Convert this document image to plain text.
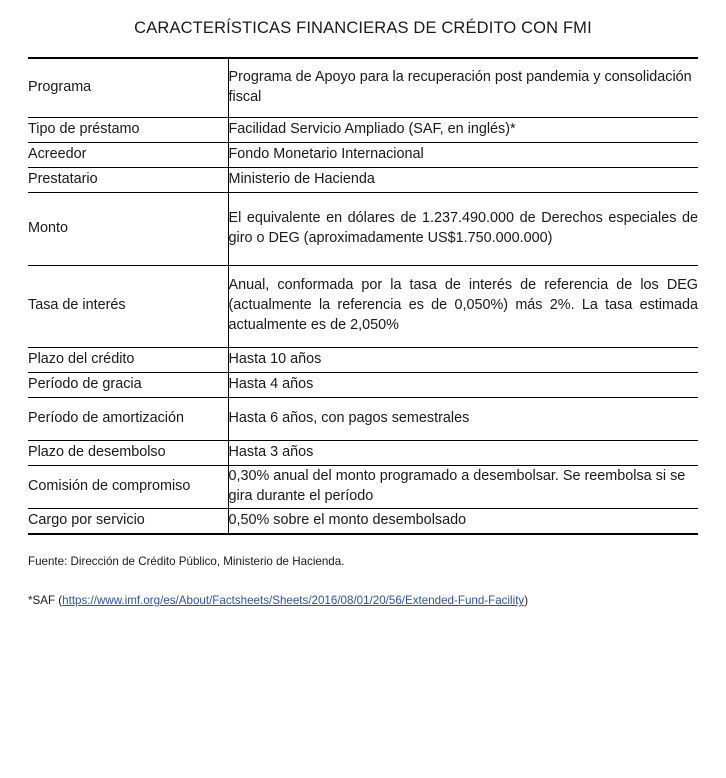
CARACTERÍSTICAS FINANCIERAS DE CRÉDITO CON FMI
Programa	Programa de Apoyo para la recuperación post pandemia y consolidación fiscal
Tipo de préstamo	Facilidad Servicio Ampliado (SAF, en inglés)*
Acreedor	Fondo Monetario Internacional
Prestatario	Ministerio de Hacienda
Monto	El equivalente en dólares de 1.237.490.000 de Derechos especiales de giro o DEG (aproximadamente US$1.750.000.000)
Tasa de interés	Anual, conformada por la tasa de interés de referencia de los DEG (actualmente la referencia es de 0,050%) más 2%. La tasa estimada actualmente es de 2,050%
Plazo del crédito	Hasta 10 años
Período de gracia	Hasta 4 años
Período de amortización	Hasta 6 años, con pagos semestrales
Plazo de desembolso	Hasta 3 años
Comisión de compromiso	0,30% anual del monto programado a desembolsar. Se reembolsa si se gira durante el período
Cargo por servicio	0,50% sobre el monto desembolsado
Fuente: Dirección de Crédito Público, Ministerio de Hacienda.
*SAF (https://www.imf.org/es/About/Factsheets/Sheets/2016/08/01/20/56/Extended-Fund-Facility)
